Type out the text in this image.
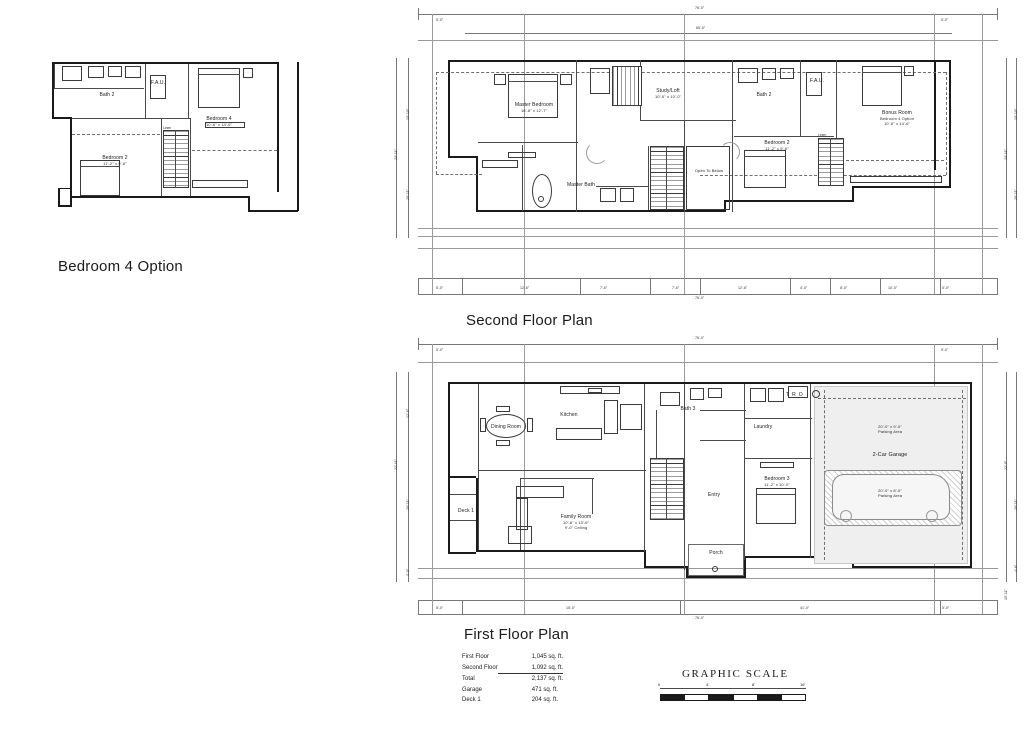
Bath 2
F.A.U.
Bedroom 4
10'-6" x 14'-6"
Bedroom 2
11'-2" x 9'-6"
Linen
Bedroom 4 Option
76'-0"
5'-0"	5'-0"
65'-0"
23'-11"
20'-11"
10'-10"
23'-11"
20'-11"
10'-10"
76'-0"
5'-0"	12'-6"	7'-6"	7'-6"	12'-6"	4'-0"	8'-0"	10'-0"	5'-0"
Master Bedroom
16'-8" x 12'-7"
Study/Loft
10'-0" x 10'-0"	Bath 2
F.A.U.
Bonus Room
Bedroom 4 Option
10'-6" x 14'-6"
Master Bath
Open To Below
Bedroom 2
11'-2" x 9'-6"
Linen
Second Floor Plan
76'-0"
5'-0"	5'-0"
22'-11"
20'-11"
12'-6"
4'-0"
22'-0"
20'-11"
4'-6"
10'-11"
76'-0"
5'-0"	15'-0"	41'-0"	5'-0"
TRO
Dining Room
Kitchen
Bath 3
Laundry
Deck 1
Family Room
10'-6" x 13'-6"
9'-0" Ceiling
Entry
Bedroom 3
11'-2" x 10'-0"
Porch
2-Car Garage
20'-0" x 9'-0"
Parking Area
20'-0" x 8'-0"
Parking Area
First Floor Plan
First Floor	1,045 sq. ft.
Second Floor	1,092 sq. ft.
Total	2,137 sq. ft.
Garage	471 sq. ft.
Deck 1	204 sq. ft.
GRAPHIC SCALE
0	4'	8'	16'
